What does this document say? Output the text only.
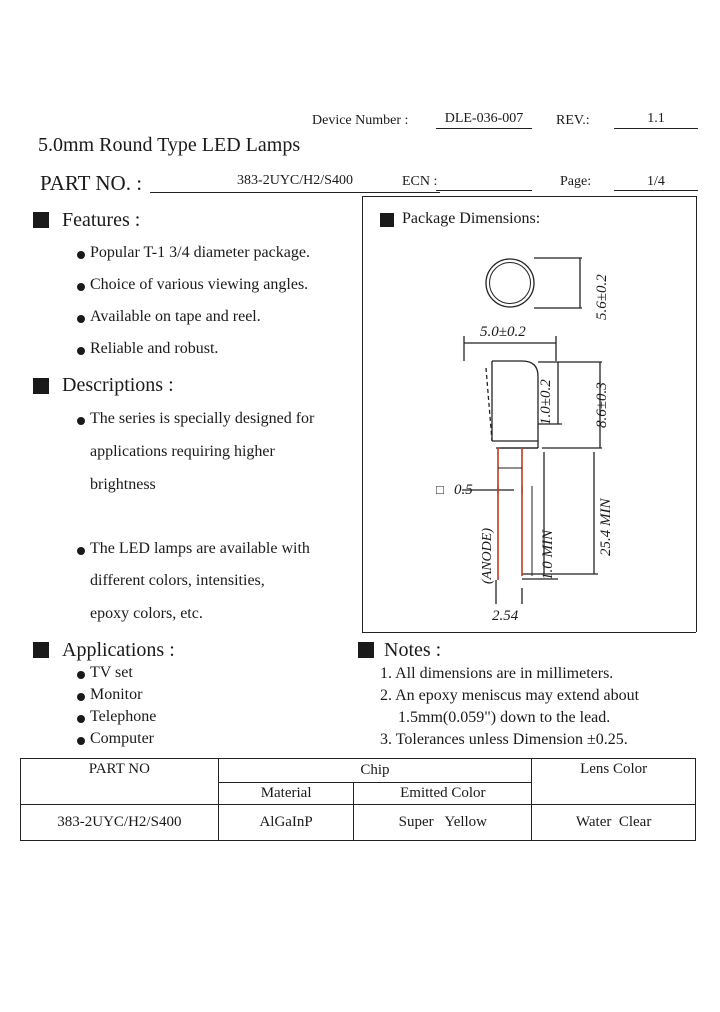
Device Number :	DLE-036-007	REV.:	1.1
5.0mm Round Type LED Lamps
PART NO. :	383-2UYC/H2/S400	ECN :	Page:	1/4
Features :
Popular T-1 3/4 diameter package.
Choice of various viewing angles.
Available on tape and reel.
Reliable and robust.
Descriptions :
The series is specially designed for
applications requiring higher
brightness
The LED lamps are available with
different colors, intensities,
epoxy colors, etc.
Package Dimensions:
5.6±0.2
5.0±0.2
1.0±0.2	8.6±0.3
□ 0.5
1.0 MIN	25.4 MIN
(ANODE)
2.54
Applications :
TV set
Monitor
Telephone
Computer
Notes :
1. All dimensions are in millimeters.
2. An epoxy meniscus may extend about
1.5mm(0.059") down to the lead.
3. Tolerances unless Dimension ±0.25.
PART NO	Chip		Lens Color
	Material	Emitted Color	
383-2UYC/H2/S400	AlGaInP	Super   Yellow	Water  Clear
